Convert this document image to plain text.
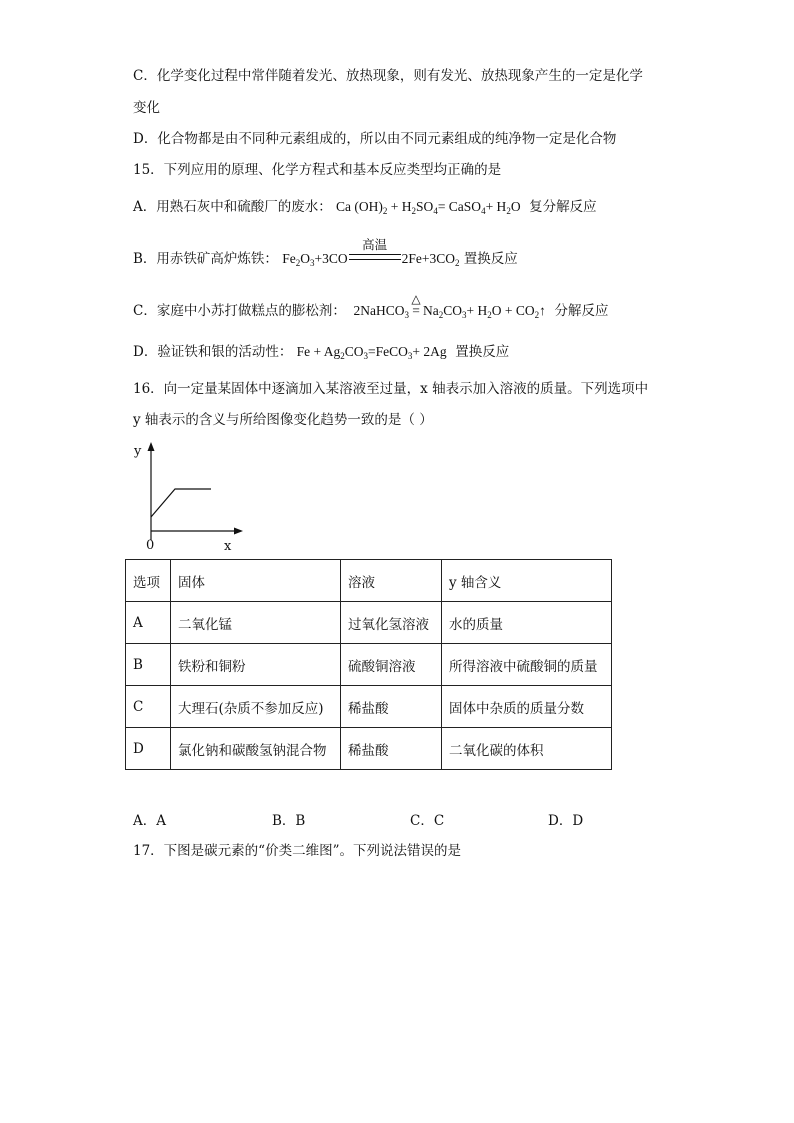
C．化学变化过程中常伴随着发光、放热现象，则有发光、放热现象产生的一定是化学
变化
D．化合物都是由不同种元素组成的，所以由不同元素组成的纯净物一定是化合物
15．下列应用的原理、化学方程式和基本反应类型均正确的是
A．用熟石灰中和硫酸厂的废水： Ca $(OH)_2 + H_2SO_4=$ CaSO$_4$+ $H_2O$ 复分解反应
B．用赤铁矿高炉炼铁： $Fe_2O_3+3CO$
高温
$2Fe+3CO_2$ 置换反应
C．家庭中小苏打做糕点的膨松剂：  2NaHCO$_3$
△
= $Na_2CO_3+ H_2O$ + $CO_2↑$ 分解反应
D．验证铁和银的活动性： $Fe + Ag_2CO_3=FeCO_3+ 2Ag$ 置换反应
16．向一定量某固体中逐滴加入某溶液至过量，x 轴表示加入溶液的质量。下列选项中
y 轴表示的含义与所给图像变化趋势一致的是（ ）
y
x
0
选项	固体	溶液	y 轴含义
A	二氧化锰	过氧化氢溶液	水的质量
B	铁粉和铜粉	硫酸铜溶液	所得溶液中硫酸铜的质量
C	大理石(杂质不参加反应)	稀盐酸	固体中杂质的质量分数
D	氯化钠和碳酸氢钠混合物	稀盐酸	二氧化碳的体积
A．A	B．B	C．C	D．D
17．下图是碳元素的“价类二维图”。下列说法错误的是
